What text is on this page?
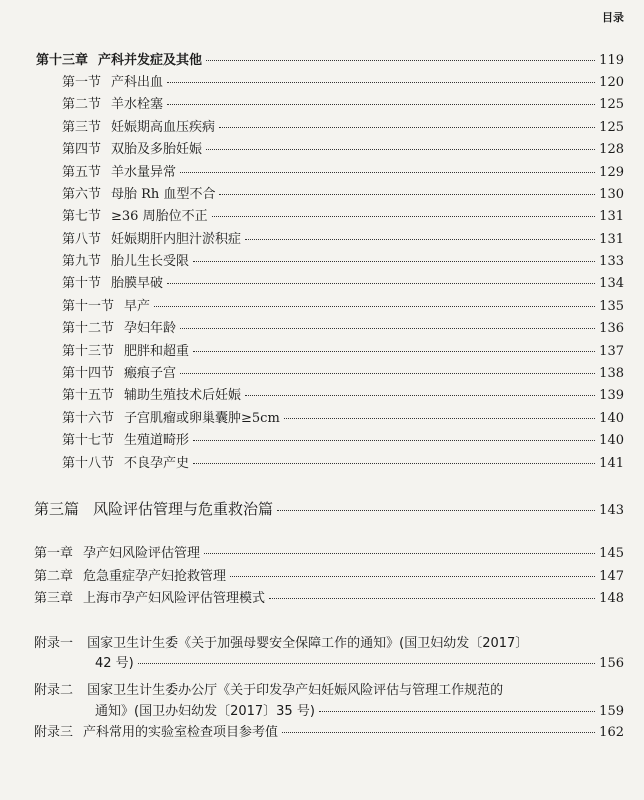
目录
第十三章 产科并发症及其他	119
第一节 产科出血	120
第二节 羊水栓塞	125
第三节 妊娠期高血压疾病	125
第四节 双胎及多胎妊娠	128
第五节 羊水量异常	129
第六节 母胎 Rh 血型不合	130
第七节 ≥36 周胎位不正	131
第八节 妊娠期肝内胆汁淤积症	131
第九节 胎儿生长受限	133
第十节 胎膜早破	134
第十一节 早产	135
第十二节 孕妇年龄	136
第十三节 肥胖和超重	137
第十四节 瘢痕子宫	138
第十五节 辅助生殖技术后妊娠	139
第十六节 子宫肌瘤或卵巢囊肿≥5cm	140
第十七节 生殖道畸形	140
第十八节 不良孕产史	141
第三篇 风险评估管理与危重救治篇	143
第一章 孕产妇风险评估管理	145
第二章 危急重症孕产妇抢救管理	147
第三章 上海市孕产妇风险评估管理模式	148
附录一 国家卫生计生委《关于加强母婴安全保障工作的通知》(国卫妇幼发〔2017〕
42 号)	156
附录二 国家卫生计生委办公厅《关于印发孕产妇妊娠风险评估与管理工作规范的
通知》(国卫办妇幼发〔2017〕35 号)	159
附录三 产科常用的实验室检查项目参考值	162
